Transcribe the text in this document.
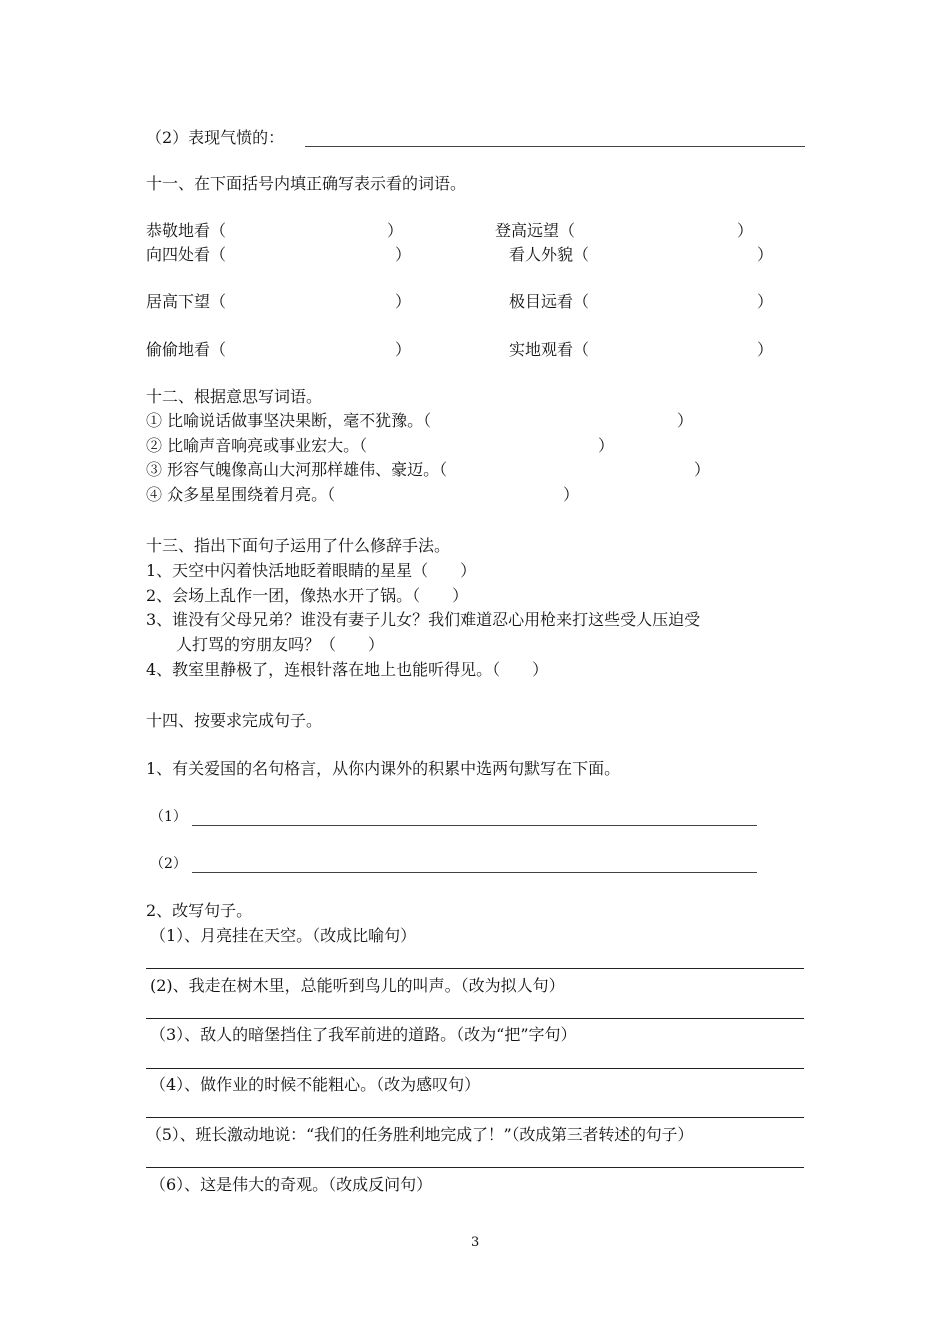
（2）表现气愤的：

十一、在下面括号内填正确写表示看的词语。

恭敬地看（	）	登高远望（	）

向四处看（	）	看人外貌（	）

居高下望（	）	极目远看（	）

偷偷地看（	）	实地观看（	）

十二、根据意思写词语。

① 比喻说话做事坚决果断，毫不犹豫。（	）

② 比喻声音响亮或事业宏大。（	）

③ 形容气魄像高山大河那样雄伟、豪迈。（	）

④ 众多星星围绕着月亮。（	）

十三、指出下面句子运用了什么修辞手法。

1、天空中闪着快活地眨着眼睛的星星（　　）

2、会场上乱作一团，像热水开了锅。（　　）

3、谁没有父母兄弟？谁没有妻子儿女？我们难道忍心用枪来打这些受人压迫受

人打骂的穷朋友吗？（　　）

4、教室里静极了，连根针落在地上也能听得见。（　　）

十四、按要求完成句子。

1、有关爱国的名句格言，从你内课外的积累中选两句默写在下面。

（1）

（2）

2、改写句子。

（1）、月亮挂在天空。（改成比喻句）

(2)、我走在树木里，总能听到鸟儿的叫声。（改为拟人句）

（3）、敌人的暗堡挡住了我军前进的道路。（改为“把”字句）

（4）、做作业的时候不能粗心。（改为感叹句）

（5）、班长激动地说：“我们的任务胜利地完成了！”（改成第三者转述的句子）

（6）、这是伟大的奇观。（改成反问句）

3
